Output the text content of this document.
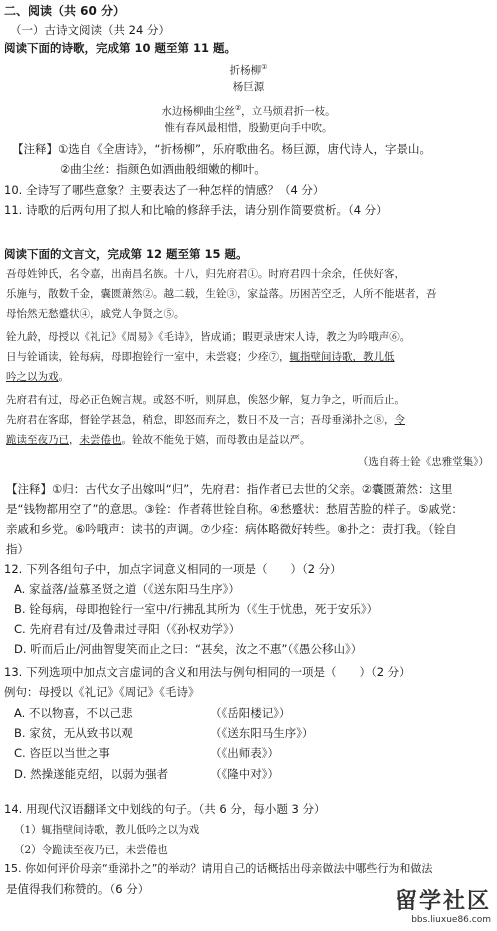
二、阅读（共 60 分）
（一）古诗文阅读（共 24 分）
阅读下面的诗歌，完成第 10 题至第 11 题。
折杨柳①
杨巨源
水边杨柳曲尘丝②，立马烦君折一枝。
惟有春风最相惜，殷勤更向手中吹。
【注释】①选自《全唐诗》，“折杨柳”，乐府歌曲名。杨巨源，唐代诗人，字景山。
②曲尘丝：指颜色如酒曲般细嫩的柳叶。
10. 全诗写了哪些意象？主要表达了一种怎样的情感？（4 分）
11. 诗歌的后两句用了拟人和比喻的修辞手法，请分别作简要赏析。（4 分）
阅读下面的文言文，完成第 12 题至第 15 题。
吾母姓钟氏，名令嘉，出南昌名族。十八，归先府君①。时府君四十余余，任侠好客，
乐施与，散数千金，囊匮萧然②。越二载，生铨③，家益落。历困苦空乏，人所不能堪者，吾
母怡然无愁蹙状④，戚党人争贤之⑤。
铨九龄，母授以《礼记》《周易》《毛诗》，皆成诵；暇更录唐宋人诗，教之为吟哦声⑥。
日与铨诵读，铨每病，母即抱铨行一室中，未尝寝；少痊⑦，辄指壁间诗歌，教儿低
吟之以为戏。
先府君有过，母必正色婉言规。或怒不听，则屏息，俟怒少解，复力争之，听而后止。
先府君在客邸，督铨学甚急，稍怠，即怒而弃之，数日不及一言；吾母垂涕扑之⑧，令
跪读至夜乃已，未尝倦也。铨故不能免于嬉，而母教由是益以严。
（选自蒋士铨《忠雅堂集》）
【注释】①归：古代女子出嫁叫“归”，先府君：指作者已去世的父亲。②囊匮萧然：这里
是“钱物都用空了”的意思。③铨：作者蒋世铨自称。④愁蹙状：愁眉苦脸的样子。⑤戚党：
亲戚和乡党。⑥吟哦声：读书的声调。⑦少痊：病体略微好转些。⑧扑之：责打我。（铨自
指）
12. 下列各组句子中，加点字词意义相同的一项是（　　）（2 分）
A. 家益落/益慕圣贤之道（《送东阳马生序》）
B. 铨每病，母即抱铨行一室中/行拂乱其所为（《生于忧患，死于安乐》）
C. 先府君有过/及鲁肃过寻阳（《孙权劝学》）
D. 听而后止/河曲智叟笑而止之曰：“甚矣，汝之不惠”（《愚公移山》）
13. 下列选项中加点文言虚词的含义和用法与例句相同的一项是（　　）（2 分）
例句：母授以《礼记》《周记》《毛诗》
A. 不以物喜，不以己悲	（《岳阳楼记》）
B. 家贫，无从致书以观	（《送东阳马生序》）
C. 咨臣以当世之事	（《出师表》）
D. 然操遂能克绍，以弱为强者	（《隆中对》）
14. 用现代汉语翻译文中划线的句子。（共 6 分，每小题 3 分）
（1）辄指壁间诗歌，教儿低吟之以为戏
（2）令跪读至夜乃已，未尝倦也
15. 你如何评价母亲“垂涕扑之”的举动？请用自己的话概括出母亲做法中哪些行为和做法
是值得我们称赞的。（6 分）	留学社区
bbs.liuxue86.com
